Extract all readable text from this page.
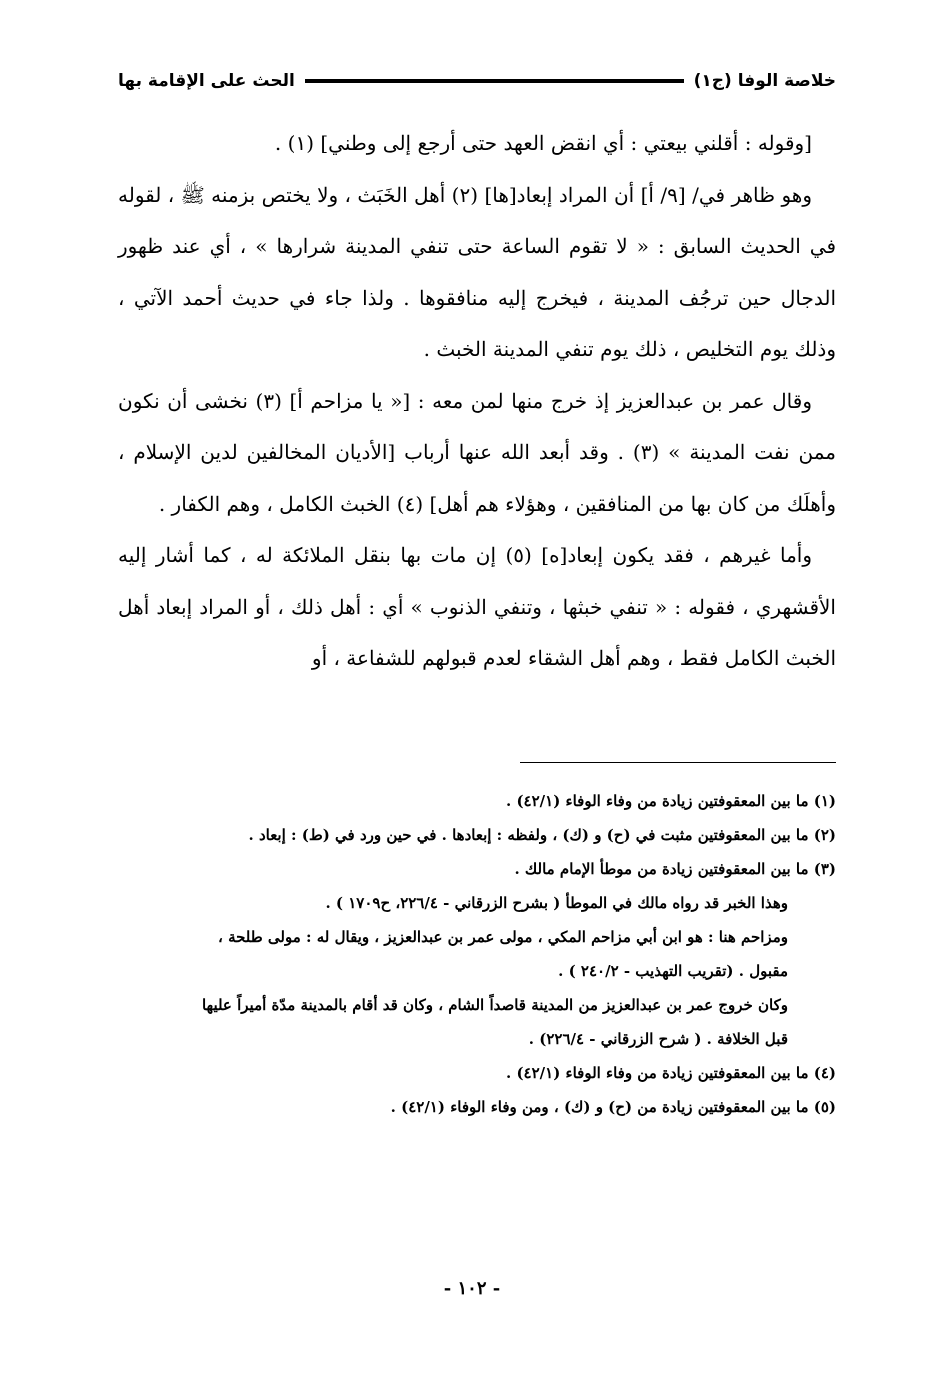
خلاصة الوفا
(ج١)
الحث على الإقامة بها

[وقوله : أقلني بيعتي : أي انقض العهد حتى أرجع إلى وطني] (١) .

وهو ظاهر في/ [٩/ أ] أن المراد إبعاد[ها] (٢) أهل الخَبَث ، ولا يختص بزمنه ﷺ ، لقوله في الحديث السابق : « لا تقوم الساعة حتى تنفي المدينة شرارها » ، أي عند ظهور الدجال حين ترجُف المدينة ، فيخرج إليه منافقوها . ولذا جاء في حديث أحمد الآتي ، وذلك يوم التخليص ، ذلك يوم تنفي المدينة الخبث .

وقال عمر بن عبدالعزيز إذ خرج منها لمن معه : [« يا مزاحم أ] (٣) نخشى أن نكون ممن نفت المدينة » (٣) . وقد أبعد الله عنها أرباب [الأديان المخالفين لدين الإسلام ، وأهلَك من كان بها من المنافقين ، وهؤلاء هم أهل] (٤) الخبث الكامل ، وهم الكفار .

وأما غيرهم ، فقد يكون إبعاد[ه] (٥) إن مات بها بنقل الملائكة له ، كما أشار إليه الأقشهري ، فقوله : « تنفي خبثها ، وتنفي الذنوب » أي : أهل ذلك ، أو المراد إبعاد أهل الخبث الكامل فقط ، وهم أهل الشقاء لعدم قبولهم للشفاعة ، أو

(١) ما بين المعقوفتين زيادة من وفاء الوفاء (٤٢/١) .

(٢) ما بين المعقوفتين مثبت في (ح) و (ك) ، ولفظه : إبعادها . في حين ورد في (ط) : إبعاد .

(٣) ما بين المعقوفتين زيادة من موطأ الإمام مالك .

وهذا الخبر قد رواه مالك في الموطأ ( بشرح الزرقاني - ٢٢٦/٤، ح١٧٠٩ ) .

ومزاحم هنا : هو ابن أبي مزاحم المكي ، مولى عمر بن عبدالعزيز ، ويقال له : مولى طلحة ،

مقبول . (تقريب التهذيب - ٢٤٠/٢ ) .

وكان خروج عمر بن عبدالعزيز من المدينة قاصداً الشام ، وكان قد أقام بالمدينة مدّة أميراً عليها

قبل الخلافة . ( شرح الزرقاني - ٢٢٦/٤) .

(٤) ما بين المعقوفتين زيادة من وفاء الوفاء (٤٢/١) .

(٥) ما بين المعقوفتين زيادة من (ح) و (ك) ، ومن وفاء الوفاء (٤٢/١) .

- ١٠٢ -
